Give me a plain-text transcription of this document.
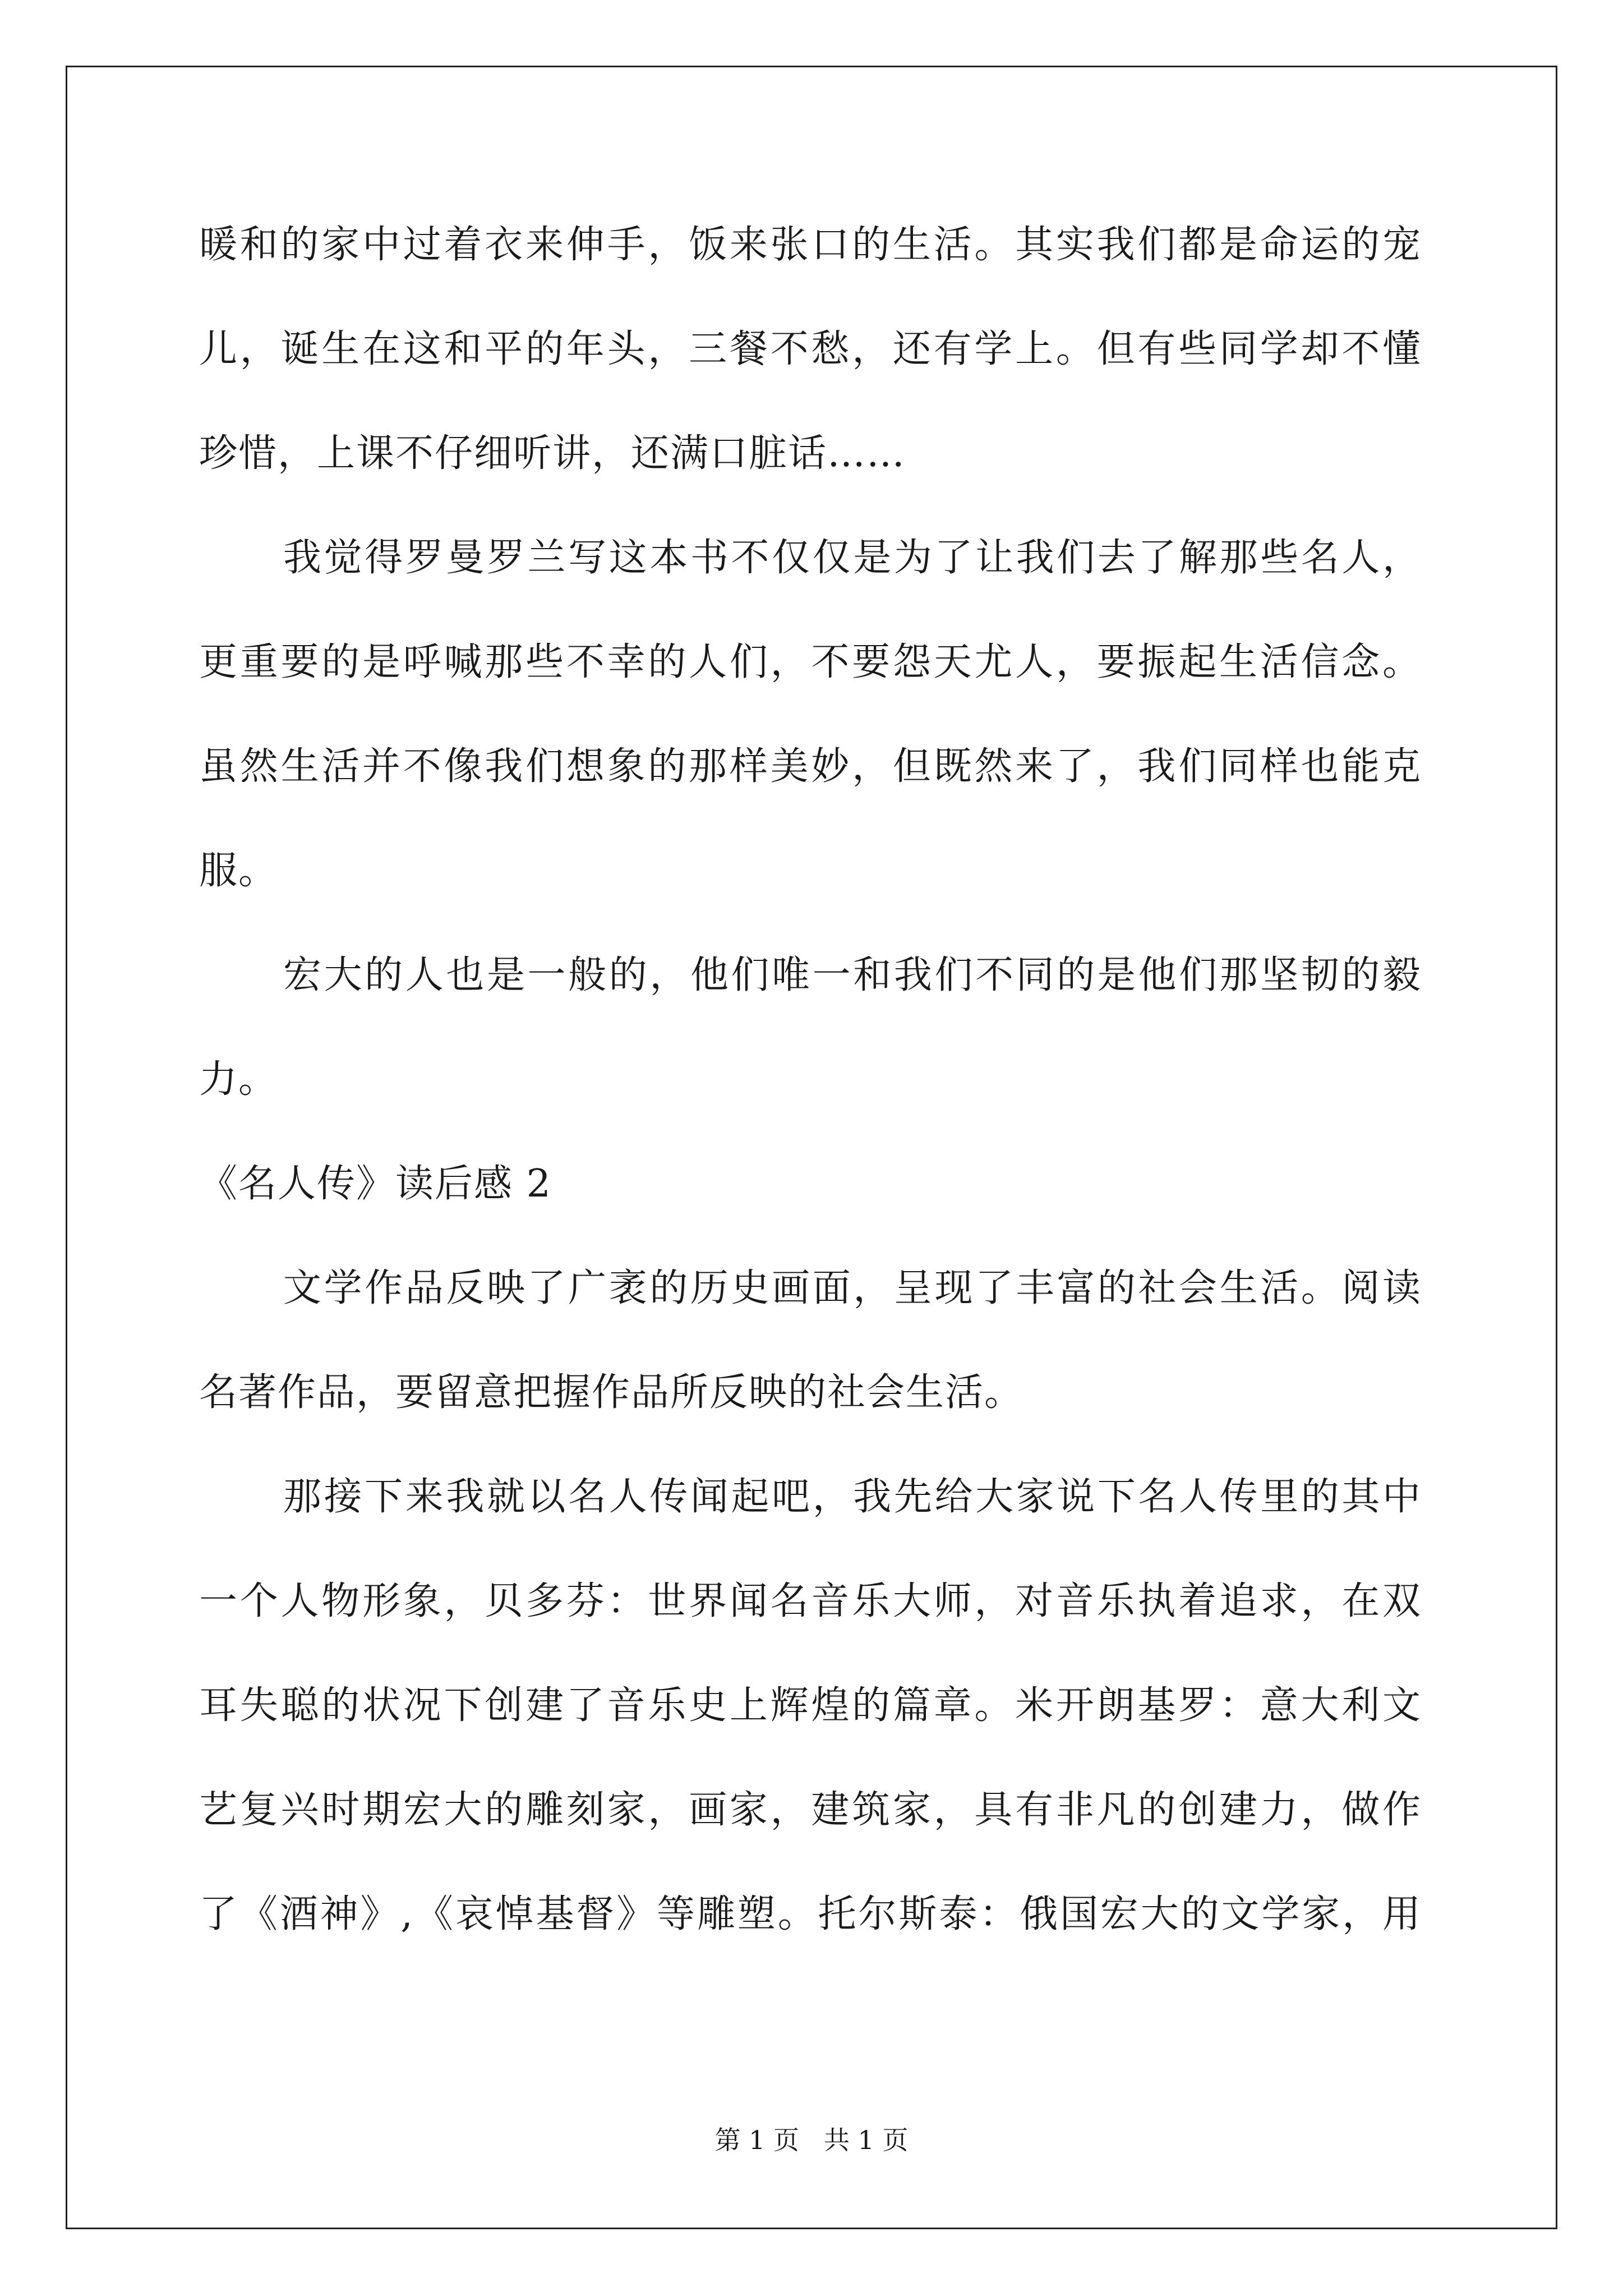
暖和的家中过着衣来伸手，饭来张口的生活。其实我们都是命运的宠
儿，诞生在这和平的年头，三餐不愁，还有学上。但有些同学却不懂
珍惜，上课不仔细听讲，还满口脏话……
我觉得罗曼罗兰写这本书不仅仅是为了让我们去了解那些名人，
更重要的是呼喊那些不幸的人们，不要怨天尤人，要振起生活信念。
虽然生活并不像我们想象的那样美妙，但既然来了，我们同样也能克
服。
宏大的人也是一般的，他们唯一和我们不同的是他们那坚韧的毅
力。
《名人传》读后感 2
文学作品反映了广袤的历史画面，呈现了丰富的社会生活。阅读
名著作品，要留意把握作品所反映的社会生活。
那接下来我就以名人传闻起吧，我先给大家说下名人传里的其中
一个人物形象，贝多芬：世界闻名音乐大师，对音乐执着追求，在双
耳失聪的状况下创建了音乐史上辉煌的篇章。米开朗基罗：意大利文
艺复兴时期宏大的雕刻家，画家，建筑家，具有非凡的创建力，做作
了《酒神》,《哀悼基督》等雕塑。托尔斯泰：俄国宏大的文学家，用
第 1 页 共 1 页
